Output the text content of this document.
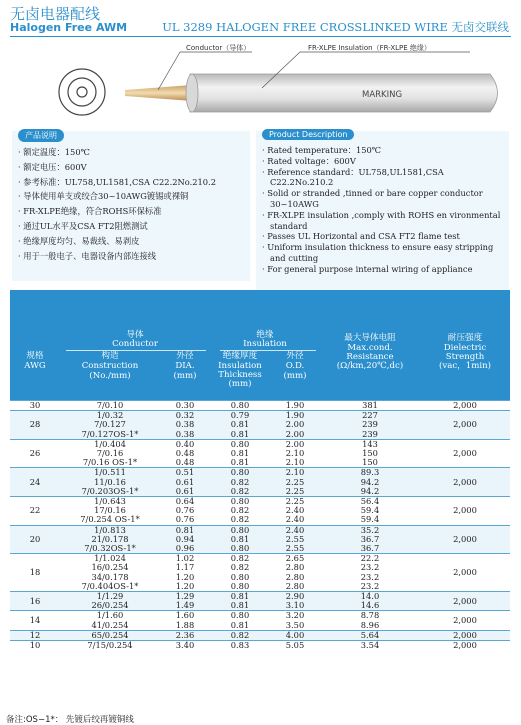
无卤电器配线
Halogen Free AWM	UL 3289 HALOGEN FREE CROSSLINKED WIRE 无卤交联线
Conductor（导体）	FR-XLPE Insulation（FR-XLPE 绝缘）
MARKING
产品说明
· 额定温度：150℃
· 额定电压：600V
· 参考标准：UL758,UL1581,CSA C22.2No.210.2
· 导体使用单支或绞合30~10AWG镀锡或裸铜
· FR-XLPE绝缘，符合ROHS环保标准
· 通过UL水平及CSA FT2阻燃测试
· 绝缘厚度均匀、易裁线、易剥皮
· 用于一般电子、电器设备内部连接线
Product Description
· Rated temperature：150℃
· Rated voltage：600V
· Reference standard：UL758,UL1581,CSA C22.2No.210.2
· Solid or stranded ,tinned or bare copper conductor 30~10AWG
· FR-XLPE insulation ,comply with ROHS en vironmental standard
· Passes UL Horizontal and CSA FT2 flame test
· Uniform insulation thickness to ensure easy stripping and cutting
· For general purpose internal wiring of appliance
导体
Conductor
绝缘
Insulation
规格
AWG
构造
Construction
(No./mm)
外径
DIA.
(mm)
绝缘厚度
Insulation
Thickness
(mm)
外径
O.D.
(mm)
最大导体电阻
Max.cond.
Resistance
(Ω/km,20℃,dc)
耐压强度
Dielectric
Strength
(vac，1min)
30	7/0.10	0.30	0.80	1.90	381	2,000
28	1/0.32	0.32	0.79	1.90	227	2,000
	7/0.127	0.38	0.81	2.00	239	
	7/0.127OS-1*	0.38	0.81	2.00	239	
26	1/0.404	0.40	0.80	2.00	143	2,000
	7/0.16	0.48	0.81	2.10	150	
	7/0.16 OS-1*	0.48	0.81	2.10	150	
24	1/0.511	0.51	0.80	2.10	89.3	2,000
	11/0.16	0.61	0.82	2.25	94.2	
	7/0.203OS-1*	0.61	0.82	2.25	94.2	
22	1/0.643	0.64	0.80	2.25	56.4	2,000
	17/0.16	0.76	0.82	2.40	59.4	
	7/0.254 OS-1*	0.76	0.82	2.40	59.4	
20	1/0.813	0.81	0.80	2.40	35.2	2,000
	21/0.178	0.94	0.81	2.55	36.7	
	7/0.32OS-1*	0.96	0.80	2.55	36.7	
18	1/1.024	1.02	0.82	2.65	22.2	2,000
	16/0.254	1.17	0.82	2.80	23.2	
	34/0.178	1.20	0.80	2.80	23.2	
	7/0.404OS-1*	1.20	0.80	2.80	23.2	
16	1/1.29	1.29	0.81	2.90	14.0	2,000
	26/0.254	1.49	0.81	3.10	14.6	
14	1/1.60	1.60	0.80	3.20	8.78	2,000
	41/0.254	1.88	0.81	3.50	8.96	
12	65/0.254	2.36	0.82	4.00	5.64	2,000
10	7/15/0.254	3.40	0.83	5.05	3.54	2,000
备注:OS−1*： 先镀后绞再镀铜线
